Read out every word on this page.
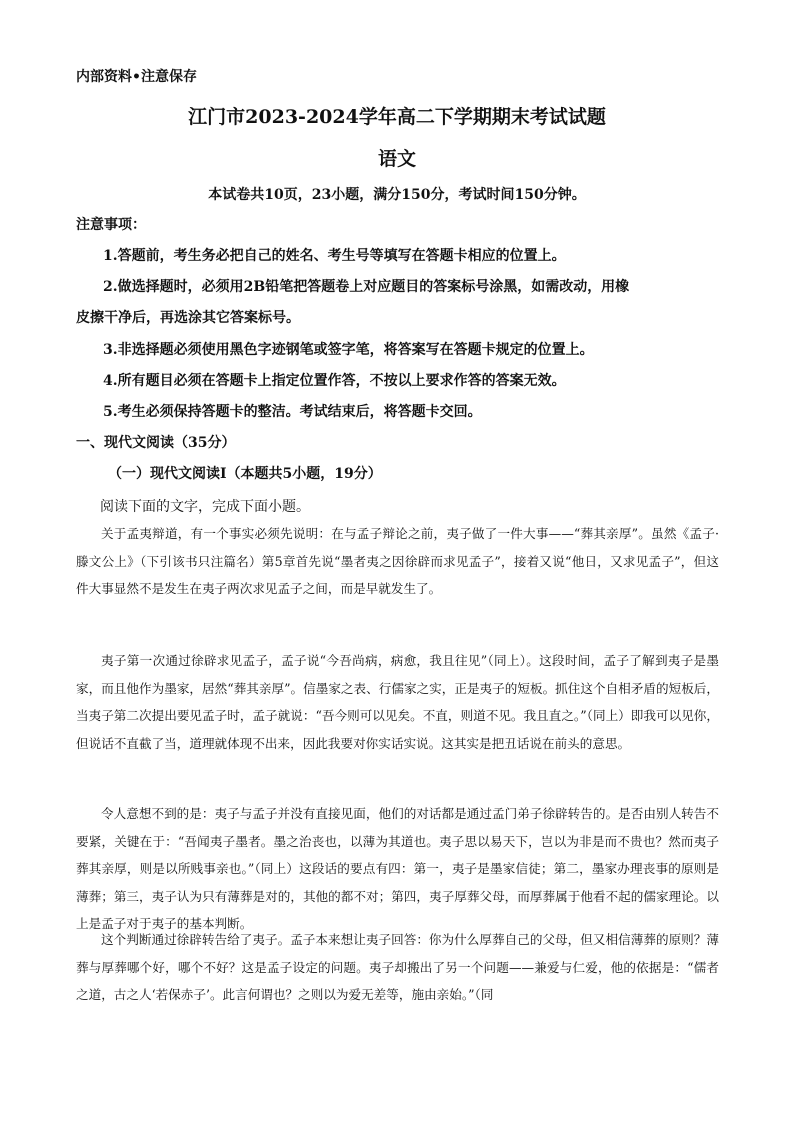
内部资料•注意保存
江门市2023-2024学年高二下学期期末考试试题
语文
本试卷共10页，23小题，满分150分，考试时间150分钟。
注意事项：
1.答题前，考生务必把自己的姓名、考生号等填写在答题卡相应的位置上。
2.做选择题时，必须用2B铅笔把答题卷上对应题目的答案标号涂黑，如需改动，用橡
皮擦干净后，再选涂其它答案标号。
3.非选择题必须使用黑色字迹钢笔或签字笔，将答案写在答题卡规定的位置上。
4.所有题目必须在答题卡上指定位置作答，不按以上要求作答的答案无效。
5.考生必须保持答题卡的整洁。考试结束后，将答题卡交回。
一、现代文阅读（35分）
（一）现代文阅读Ⅰ（本题共5小题，19分）
阅读下面的文字，完成下面小题。
关于孟夷辩道，有一个事实必须先说明：在与孟子辩论之前，夷子做了一件大事——“葬其亲厚”。虽然《孟子·滕文公上》（下引该书只注篇名）第5章首先说“墨者夷之因徐辟而求见孟子”，接着又说“他日，又求见孟子”，但这件大事显然不是发生在夷子两次求见孟子之间，而是早就发生了。
夷子第一次通过徐辟求见孟子，孟子说“今吾尚病，病愈，我且往见”（同上）。这段时间，孟子了解到夷子是墨家，而且他作为墨家，居然“葬其亲厚”。信墨家之表、行儒家之实，正是夷子的短板。抓住这个自相矛盾的短板后，当夷子第二次提出要见孟子时，孟子就说：“吾今则可以见矣。不直，则道不见。我且直之。”（同上）即我可以见你，但说话不直截了当，道理就体现不出来，因此我要对你实话实说。这其实是把丑话说在前头的意思。
令人意想不到的是：夷子与孟子并没有直接见面，他们的对话都是通过孟门弟子徐辟转告的。是否由别人转告不要紧，关键在于：“吾闻夷子墨者。墨之治丧也，以薄为其道也。夷子思以易天下，岂以为非是而不贵也？然而夷子葬其亲厚，则是以所贱事亲也。”（同上）这段话的要点有四：第一，夷子是墨家信徒；第二，墨家办理丧事的原则是薄葬；第三，夷子认为只有薄葬是对的，其他的都不对；第四，夷子厚葬父母，而厚葬属于他看不起的儒家理论。以上是孟子对于夷子的基本判断。
这个判断通过徐辟转告给了夷子。孟子本来想让夷子回答：你为什么厚葬自己的父母，但又相信薄葬的原则？薄葬与厚葬哪个好，哪个不好？这是孟子设定的问题。夷子却搬出了另一个问题——兼爱与仁爱，他的依据是：“儒者之道，古之人‘若保赤子’。此言何谓也？之则以为爱无差等，施由亲始。”（同
